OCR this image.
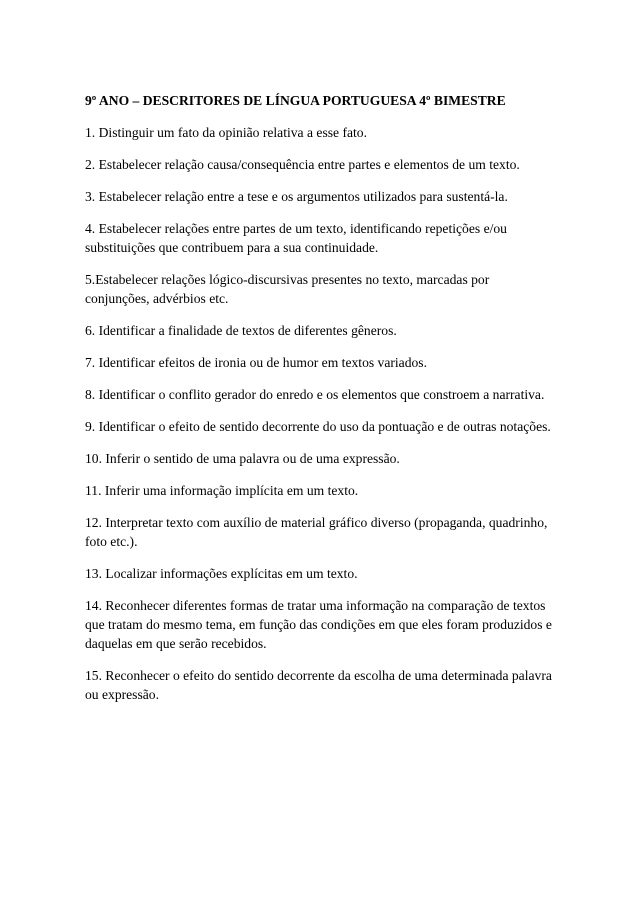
9º ANO – DESCRITORES DE LÍNGUA PORTUGUESA 4º BIMESTRE
1. Distinguir um fato da opinião relativa a esse fato.
2. Estabelecer relação causa/consequência entre partes e elementos de um texto.
3. Estabelecer relação entre a tese e os argumentos utilizados para sustentá-la.
4. Estabelecer relações entre partes de um texto, identificando repetições e/ou substituições que contribuem para a sua continuidade.
5.Estabelecer relações lógico-discursivas presentes no texto, marcadas por conjunções, advérbios etc.
6. Identificar a finalidade de textos de diferentes gêneros.
7. Identificar efeitos de ironia ou de humor em textos variados.
8. Identificar o conflito gerador do enredo e os elementos que constroem a narrativa.
9. Identificar o efeito de sentido decorrente do uso da pontuação e de outras notações.
10. Inferir o sentido de uma palavra ou de uma expressão.
11. Inferir uma informação implícita em um texto.
12. Interpretar texto com auxílio de material gráfico diverso (propaganda, quadrinho, foto etc.).
13. Localizar informações explícitas em um texto.
14. Reconhecer diferentes formas de tratar uma informação na comparação de textos que tratam do mesmo tema, em função das condições em que eles foram produzidos e daquelas em que serão recebidos.
15. Reconhecer o efeito do sentido decorrente da escolha de uma determinada palavra ou expressão.
